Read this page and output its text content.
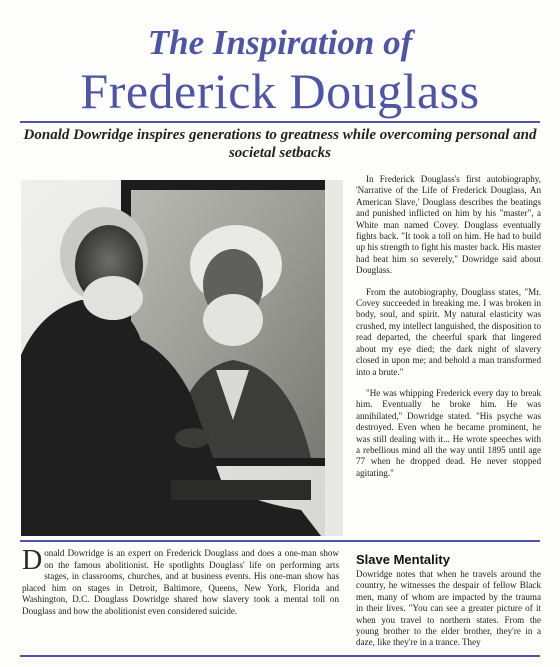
The Inspiration of
Frederick Douglass
Donald Dowridge inspires generations to greatness while overcoming personal and societal setbacks

In Frederick Douglass's first autobiography, 'Narrative of the Life of Frederick Douglass, An American Slave,' Douglass describes the beatings and punished inflicted on him by his "master", a White man named Covey. Douglass eventually fights back. "It took a toll on him. He had to build up his strength to fight his master back. His master had beat him so severely," Dowridge said about Douglass.

From the autobiography, Douglass states, "Mr. Covey succeeded in breaking me. I was broken in body, soul, and spirit. My natural elasticity was crushed, my intellect languished, the disposition to read departed, the cheerful spark that lingered about my eye died; the dark night of slavery closed in upon me; and behold a man transformed into a brute."

"He was whipping Frederick every day to break him. Eventually he broke him. He was annihilated," Dowridge stated. "His psyche was destroyed. Even when he became prominent, he was still dealing with it... He wrote speeches with a rebellious mind all the way until 1895 until age 77 when he dropped dead. He never stopped agitating."

Donald Dowridge is an expert on Frederick Douglass and does a one-man show on the famous abolitionist. He spotlights Douglass' life on performing arts stages, in classrooms, churches, and at business events. His one-man show has placed him on stages in Detroit, Baltimore, Queens, New York, Florida and Washington, D.C. Douglass Dowridge shared how slavery took a mental toll on Douglass and how the abolitionist even considered suicide.
Slave Mentality

Dowridge notes that when he travels around the country, he witnesses the despair of fellow Black men, many of whom are impacted by the trauma in their lives. "You can see a greater picture of it when you travel to northern states. From the young brother to the elder brother, they're in a daze, like they're in a trance. They
